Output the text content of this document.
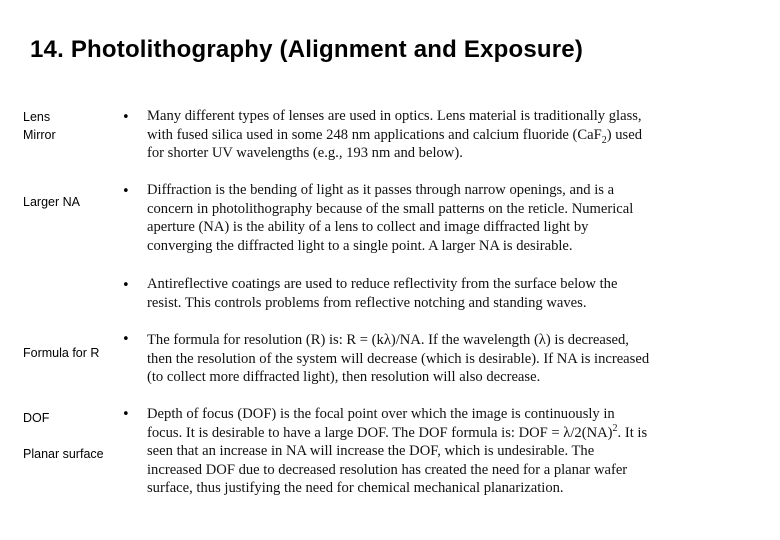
14. Photolithography (Alignment and Exposure)
Lens
Mirror
Larger NA
Formula for R
DOF
Planar surface
• Many different types of lenses are used in optics. Lens material is traditionally glass,

with fused silica used in some 248 nm applications and calcium fluoride (CaF$_2$) used

for shorter UV wavelengths (e.g., 193 nm and below).

• Diffraction is the bending of light as it passes through narrow openings, and is a

concern in photolithography because of the small patterns on the reticle. Numerical

aperture (NA) is the ability of a lens to collect and image diffracted light by

converging the diffracted light to a single point. A larger NA is desirable.

• Antireflective coatings are used to reduce reflectivity from the surface below the

resist. This controls problems from reflective notching and standing waves.

• The formula for resolution (R) is: R = (kλ)/NA. If the wavelength (λ) is decreased,

then the resolution of the system will decrease (which is desirable). If NA is increased

(to collect more diffracted light), then resolution will also decrease.

• Depth of focus (DOF) is the focal point over which the image is continuously in

focus. It is desirable to have a large DOF. The DOF formula is: DOF = λ/2(NA)$^2$. It is

seen that an increase in NA will increase the DOF, which is undesirable. The

increased DOF due to decreased resolution has created the need for a planar wafer

surface, thus justifying the need for chemical mechanical planarization.
